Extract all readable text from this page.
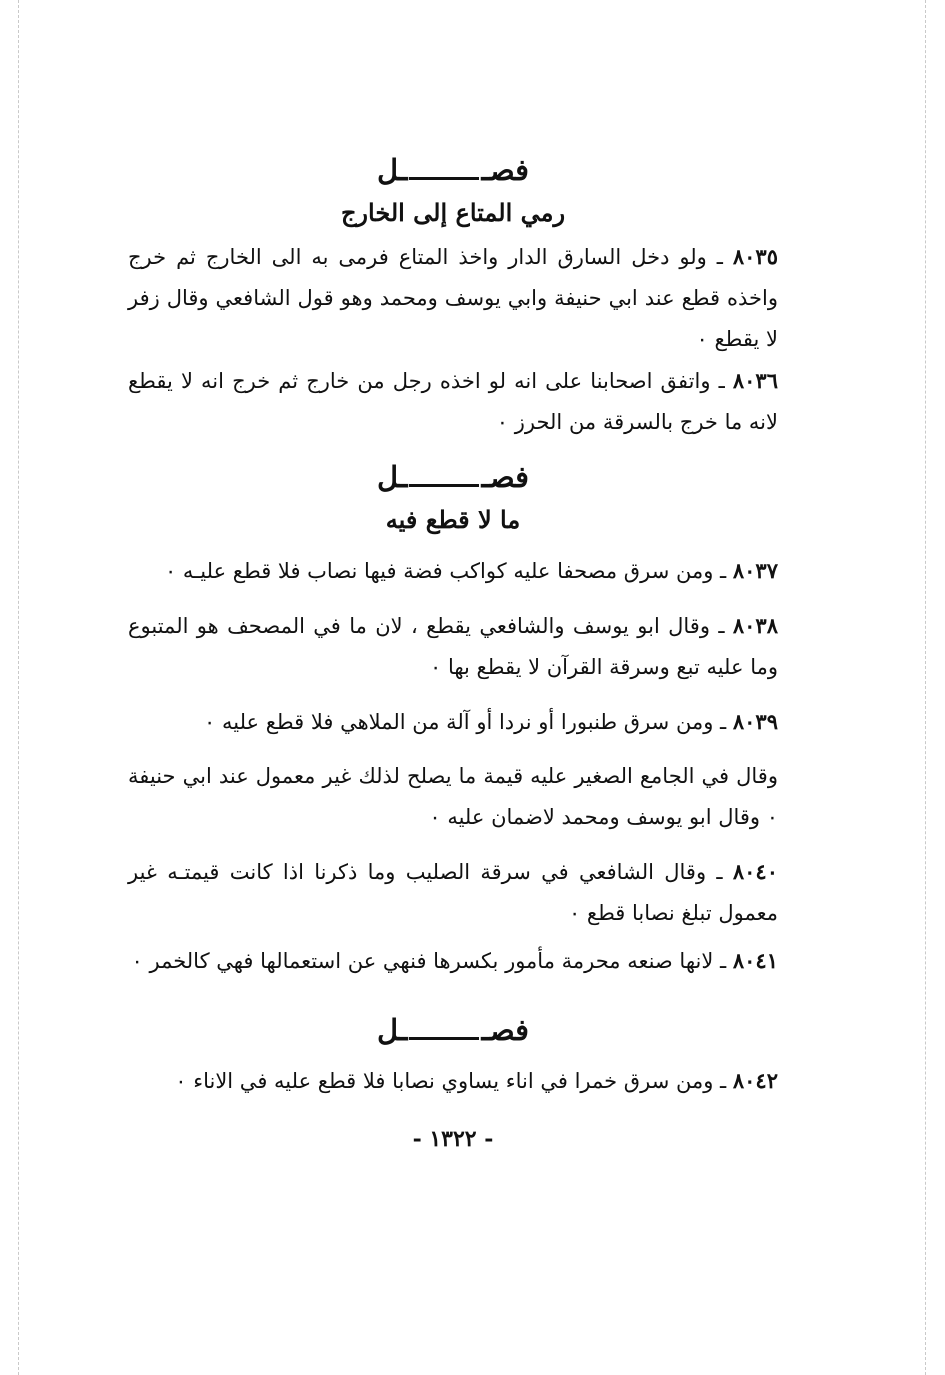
فصــل

رمي المتاع إلى الخارج

٨٠٣٥ ـ ولو دخل السارق الدار واخذ المتاع فرمى به الى الخارج ثم خرج واخذه قطع عند ابي حنيفة وابي يوسف ومحمد وهو قول الشافعي وقال زفر لا يقطع ٠

٨٠٣٦ ـ واتفق اصحابنا على انه لو اخذه رجل من خارج ثم خرج انه لا يقطع لانه ما خرج بالسرقة من الحرز ٠

فصــل

ما لا قطع فيه

٨٠٣٧ ـ ومن سرق مصحفا عليه كواكب فضة فيها نصاب فلا قطع عليـه ٠

٨٠٣٨ ـ وقال ابو يوسف والشافعي يقطع ، لان ما في المصحف هو المتبوع وما عليه تبع وسرقة القرآن لا يقطع بها ٠

٨٠٣٩ ـ ومن سرق طنبورا أو نردا أو آلة من الملاهي فلا قطع عليه ٠

وقال في الجامع الصغير عليه قيمة ما يصلح لذلك غير معمول عند ابي حنيفة ٠ وقال ابو يوسف ومحمد لاضمان عليه ٠

٨٠٤٠ ـ وقال الشافعي في سرقة الصليب وما ذكرنا اذا كانت قيمتـه غير معمول تبلغ نصابا قطع ٠

٨٠٤١ ـ لانها صنعه محرمة مأمور بكسرها فنهي عن استعمالها فهي كالخمر ٠

فصــل

٨٠٤٢ ـ ومن سرق خمرا في اناء يساوي نصابا فلا قطع عليه في الاناء ٠

- ١٣٢٢ -
